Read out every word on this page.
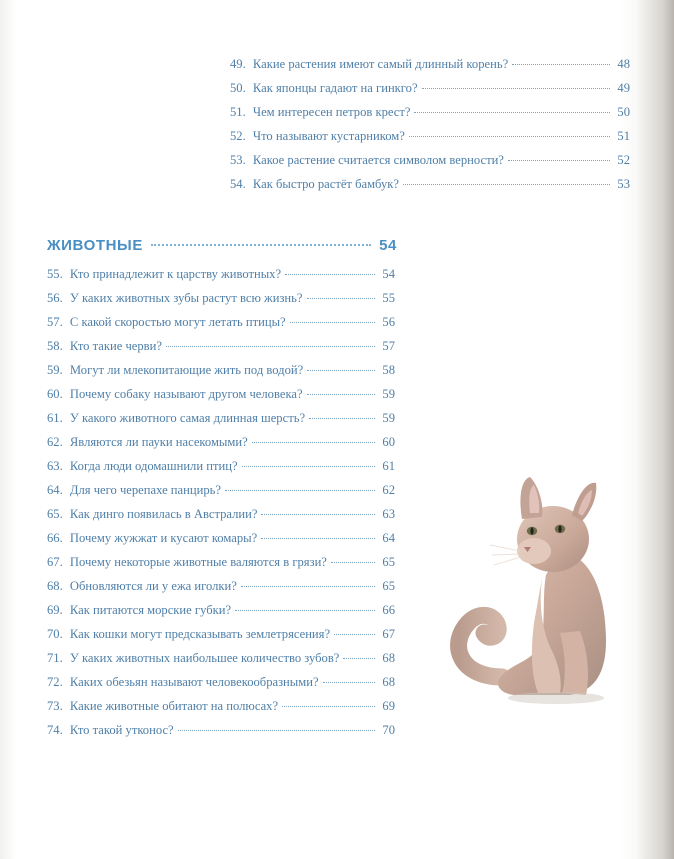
49. Какие растения имеют самый длинный корень?	48
50. Как японцы гадают на гинкго?	49
51. Чем интересен петров крест?	50
52. Что называют кустарником?	51
53. Какое растение считается символом верности?	52
54. Как быстро растёт бамбук?	53
ЖИВОТНЫЕ	54
55. Кто принадлежит к царству животных?	54
56. У каких животных зубы растут всю жизнь?	55
57. С какой скоростью могут летать птицы?	56
58. Кто такие черви?	57
59. Могут ли млекопитающие жить под водой?	58
60. Почему собаку называют другом человека?	59
61. У какого животного самая длинная шерсть?	59
62. Являются ли пауки насекомыми?	60
63. Когда люди одомашнили птиц?	61
64. Для чего черепахе панцирь?	62
65. Как динго появилась в Австралии?	63
66. Почему жужжат и кусают комары?	64
67. Почему некоторые животные валяются в грязи?	65
68. Обновляются ли у ежа иголки?	65
69. Как питаются морские губки?	66
70. Как кошки могут предсказывать землетрясения?	67
71. У каких животных наибольшее количество зубов?	68
72. Каких обезьян называют человекообразными?	68
73. Какие животные обитают на полюсах?	69
74. Кто такой утконос?	70
